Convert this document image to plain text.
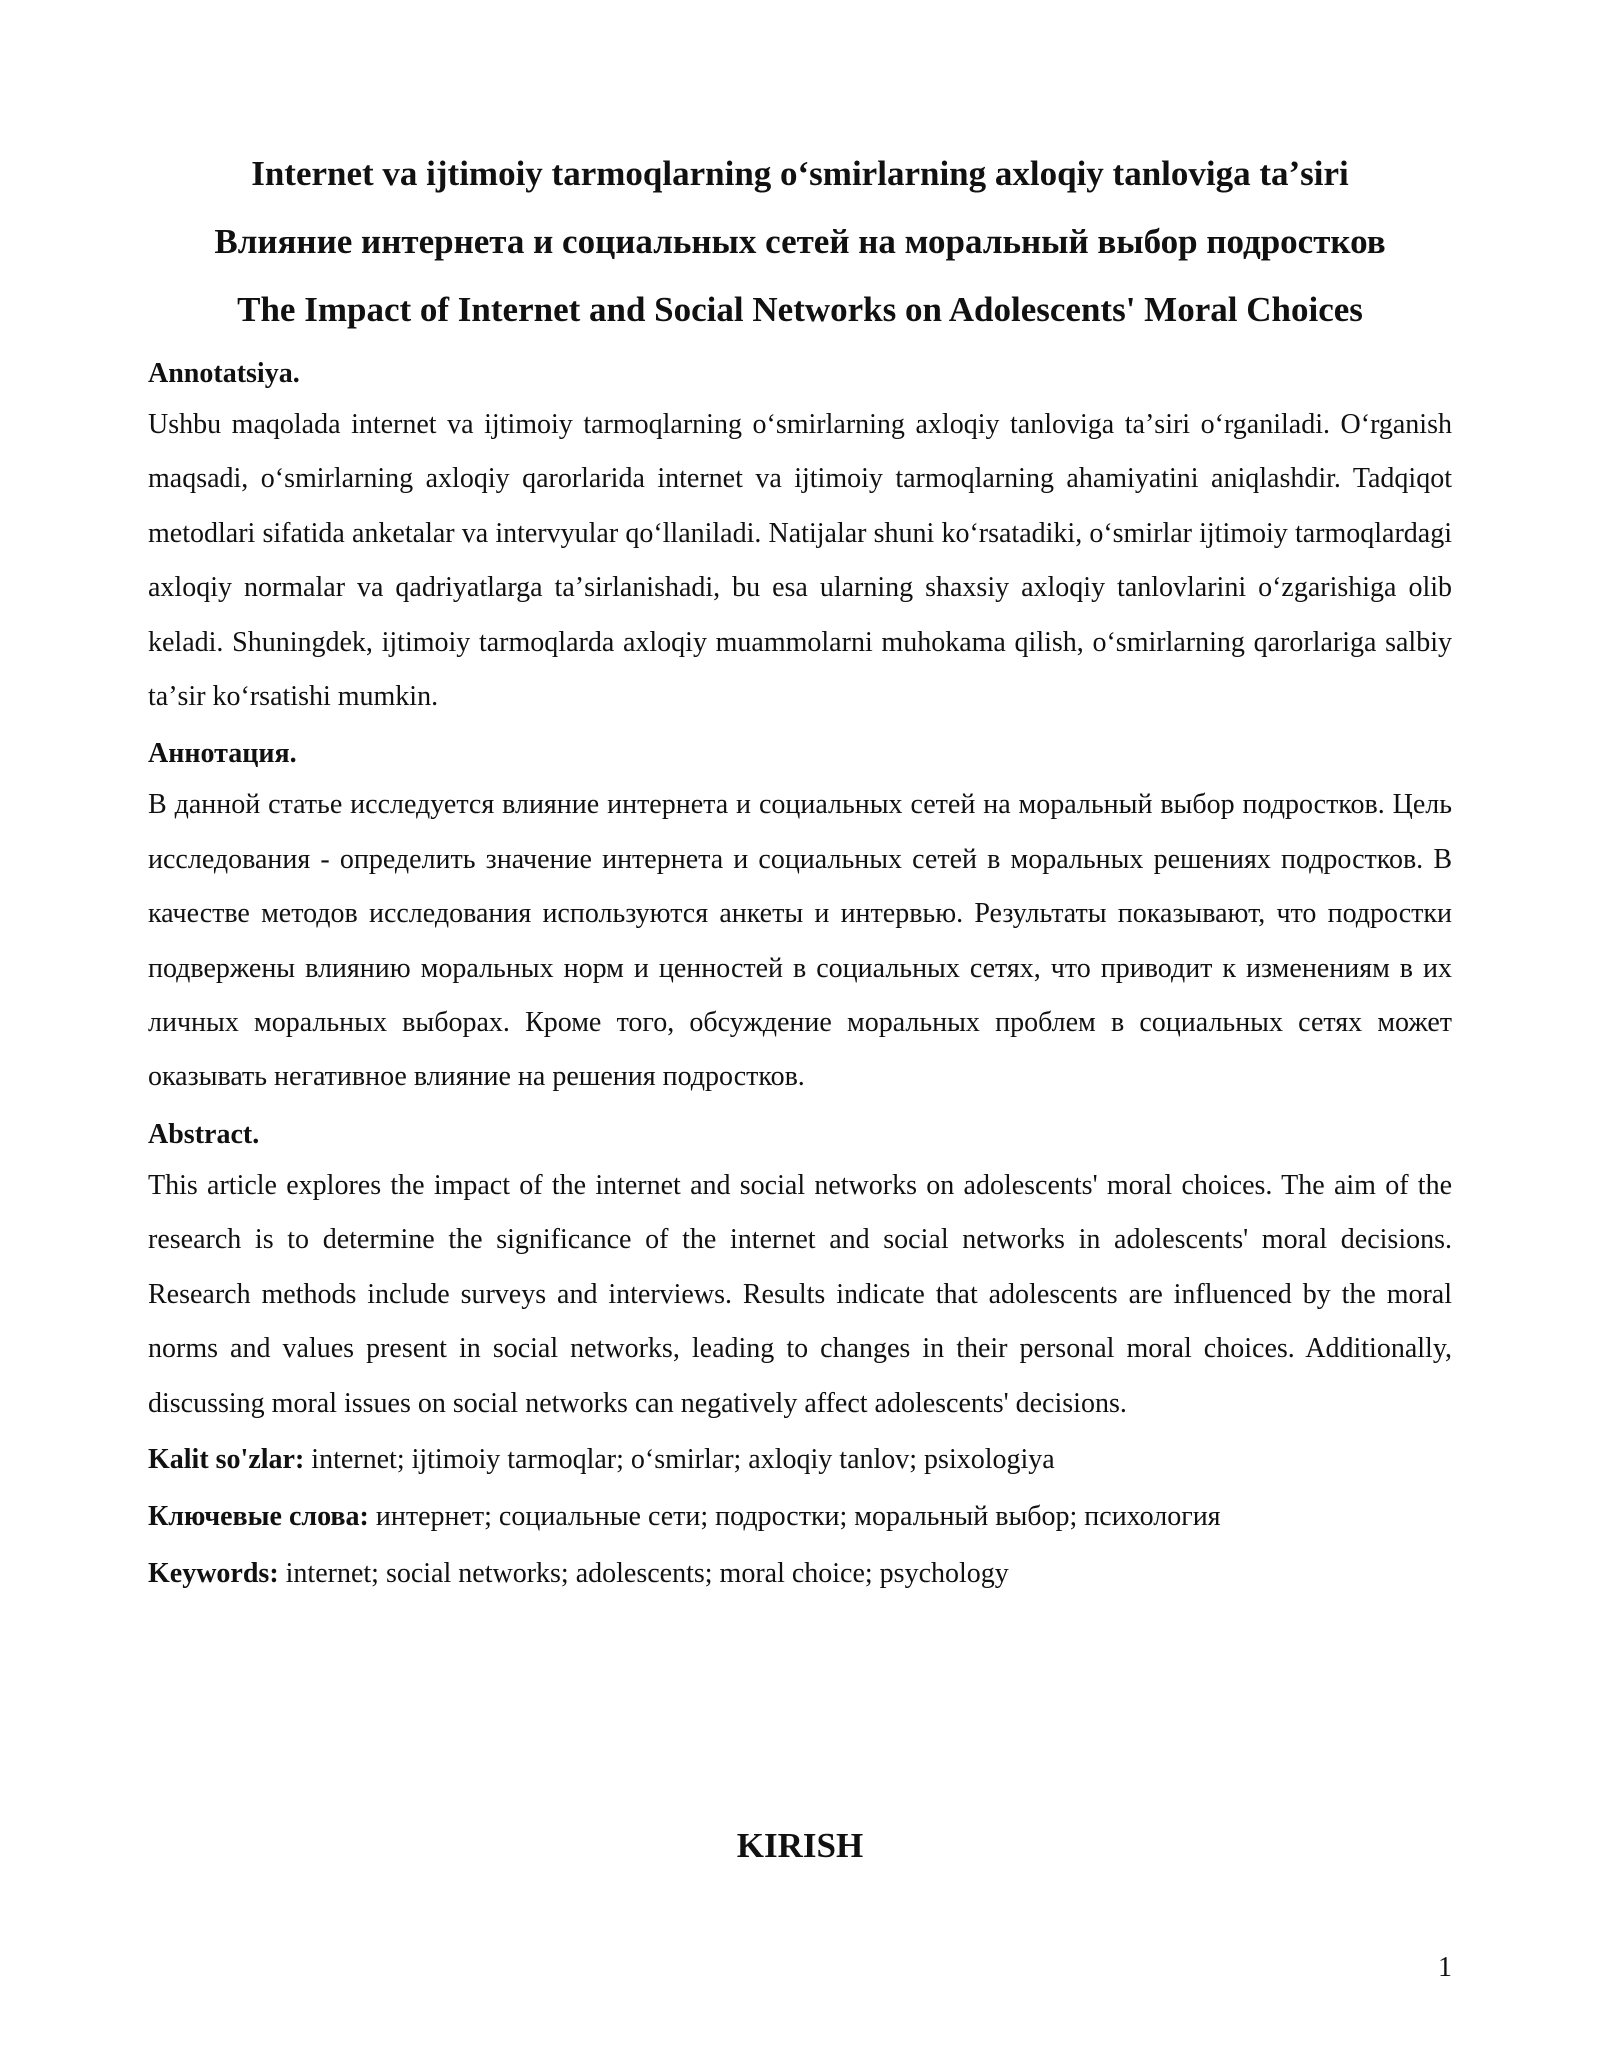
Internet va ijtimoiy tarmoqlarning oʻsmirlarning axloqiy tanloviga taʼsiri
Влияние интернета и социальных сетей на моральный выбор подростков
The Impact of Internet and Social Networks on Adolescents' Moral Choices
Annotatsiya.

Ushbu maqolada internet va ijtimoiy tarmoqlarning oʻsmirlarning axloqiy tanloviga taʼsiri oʻrganiladi. Oʻrganish maqsadi, oʻsmirlarning axloqiy qarorlarida internet va ijtimoiy tarmoqlarning ahamiyatini aniqlashdir. Tadqiqot metodlari sifatida anketalar va intervyular qoʻllaniladi. Natijalar shuni koʻrsatadiki, oʻsmirlar ijtimoiy tarmoqlardagi axloqiy normalar va qadriyatlarga taʼsirlanishadi, bu esa ularning shaxsiy axloqiy tanlovlarini oʻzgarishiga olib keladi. Shuningdek, ijtimoiy tarmoqlarda axloqiy muammolarni muhokama qilish, oʻsmirlarning qarorlariga salbiy taʼsir koʻrsatishi mumkin.

Аннотация.

В данной статье исследуется влияние интернета и социальных сетей на моральный выбор подростков. Цель исследования - определить значение интернета и социальных сетей в моральных решениях подростков. В качестве методов исследования используются анкеты и интервью. Результаты показывают, что подростки подвержены влиянию моральных норм и ценностей в социальных сетях, что приводит к изменениям в их личных моральных выборах. Кроме того, обсуждение моральных проблем в социальных сетях может оказывать негативное влияние на решения подростков.

Abstract.

This article explores the impact of the internet and social networks on adolescents' moral choices. The aim of the research is to determine the significance of the internet and social networks in adolescents' moral decisions. Research methods include surveys and interviews. Results indicate that adolescents are influenced by the moral norms and values present in social networks, leading to changes in their personal moral choices. Additionally, discussing moral issues on social networks can negatively affect adolescents' decisions.

Kalit so'zlar: internet; ijtimoiy tarmoqlar; oʻsmirlar; axloqiy tanlov; psixologiya

Ключевые слова: интернет; социальные сети; подростки; моральный выбор; психология

Keywords: internet; social networks; adolescents; moral choice; psychology

KIRISH
1
